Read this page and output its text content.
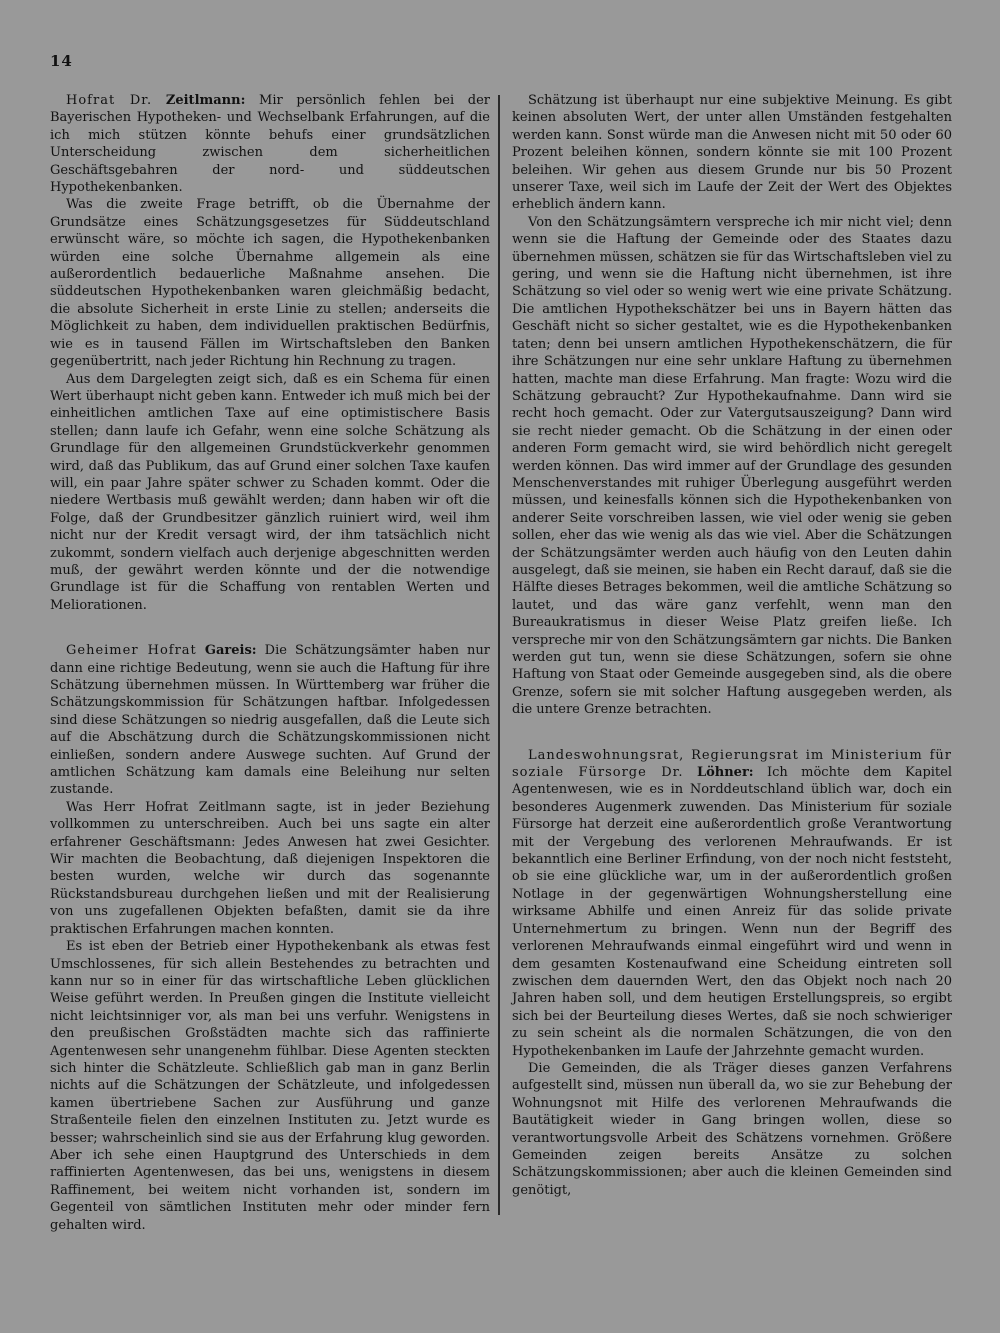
14

Hofrat Dr. Zeitlmann: Mir persönlich fehlen bei der Bayerischen Hypotheken- und Wechselbank Erfahrungen, auf die ich mich stützen könnte behufs einer grundsätzlichen Unterscheidung zwischen dem sicherheitlichen Geschäftsgebahren der nord- und süddeutschen Hypothekenbanken.

Was die zweite Frage betrifft, ob die Übernahme der Grundsätze eines Schätzungsgesetzes für Süddeutschland erwünscht wäre, so möchte ich sagen, die Hypothekenbanken würden eine solche Übernahme allgemein als eine außerordentlich bedauerliche Maßnahme ansehen. Die süddeutschen Hypothekenbanken waren gleichmäßig bedacht, die absolute Sicherheit in erste Linie zu stellen; anderseits die Möglichkeit zu haben, dem individuellen praktischen Bedürfnis, wie es in tausend Fällen im Wirtschaftsleben den Banken gegenübertritt, nach jeder Richtung hin Rechnung zu tragen.

Aus dem Dargelegten zeigt sich, daß es ein Schema für einen Wert überhaupt nicht geben kann. Entweder ich muß mich bei der einheitlichen amtlichen Taxe auf eine optimistischere Basis stellen; dann laufe ich Gefahr, wenn eine solche Schätzung als Grundlage für den allgemeinen Grundstückverkehr genommen wird, daß das Publikum, das auf Grund einer solchen Taxe kaufen will, ein paar Jahre später schwer zu Schaden kommt. Oder die niedere Wertbasis muß gewählt werden; dann haben wir oft die Folge, daß der Grundbesitzer gänzlich ruiniert wird, weil ihm nicht nur der Kredit versagt wird, der ihm tatsächlich nicht zukommt, sondern vielfach auch derjenige abgeschnitten werden muß, der gewährt werden könnte und der die notwendige Grundlage ist für die Schaffung von rentablen Werten und Meliorationen.

Geheimer Hofrat Gareis: Die Schätzungsämter haben nur dann eine richtige Bedeutung, wenn sie auch die Haftung für ihre Schätzung übernehmen müssen. In Württemberg war früher die Schätzungskommission für Schätzungen haftbar. Infolgedessen sind diese Schätzungen so niedrig ausgefallen, daß die Leute sich auf die Abschätzung durch die Schätzungskommissionen nicht einließen, sondern andere Auswege suchten. Auf Grund der amtlichen Schätzung kam damals eine Beleihung nur selten zustande.

Was Herr Hofrat Zeitlmann sagte, ist in jeder Beziehung vollkommen zu unterschreiben. Auch bei uns sagte ein alter erfahrener Geschäftsmann: Jedes Anwesen hat zwei Gesichter. Wir machten die Beobachtung, daß diejenigen Inspektoren die besten wurden, welche wir durch das sogenannte Rückstandsbureau durchgehen ließen und mit der Realisierung von uns zugefallenen Objekten befaßten, damit sie da ihre praktischen Erfahrungen machen konnten.

Es ist eben der Betrieb einer Hypothekenbank als etwas fest Umschlossenes, für sich allein Bestehendes zu betrachten und kann nur so in einer für das wirtschaftliche Leben glücklichen Weise geführt werden. In Preußen gingen die Institute vielleicht nicht leichtsinniger vor, als man bei uns verfuhr. Wenigstens in den preußischen Großstädten machte sich das raffinierte Agentenwesen sehr unangenehm fühlbar. Diese Agenten steckten sich hinter die Schätzleute. Schließlich gab man in ganz Berlin nichts auf die Schätzungen der Schätzleute, und infolgedessen kamen übertriebene Sachen zur Ausführung und ganze Straßenteile fielen den einzelnen Instituten zu. Jetzt wurde es besser; wahrscheinlich sind sie aus der Erfahrung klug geworden. Aber ich sehe einen Hauptgrund des Unterschieds in dem raffinierten Agentenwesen, das bei uns, wenigstens in diesem Raffinement, bei weitem nicht vorhanden ist, sondern im Gegenteil von sämtlichen Instituten mehr oder minder fern gehalten wird.

Schätzung ist überhaupt nur eine subjektive Meinung. Es gibt keinen absoluten Wert, der unter allen Umständen festgehalten werden kann. Sonst würde man die Anwesen nicht mit 50 oder 60 Prozent beleihen können, sondern könnte sie mit 100 Prozent beleihen. Wir gehen aus diesem Grunde nur bis 50 Prozent unserer Taxe, weil sich im Laufe der Zeit der Wert des Objektes erheblich ändern kann.

Von den Schätzungsämtern verspreche ich mir nicht viel; denn wenn sie die Haftung der Gemeinde oder des Staates dazu übernehmen müssen, schätzen sie für das Wirtschaftsleben viel zu gering, und wenn sie die Haftung nicht übernehmen, ist ihre Schätzung so viel oder so wenig wert wie eine private Schätzung. Die amtlichen Hypothekschätzer bei uns in Bayern hätten das Geschäft nicht so sicher gestaltet, wie es die Hypothekenbanken taten; denn bei unsern amtlichen Hypothekenschätzern, die für ihre Schätzungen nur eine sehr unklare Haftung zu übernehmen hatten, machte man diese Erfahrung. Man fragte: Wozu wird die Schätzung gebraucht? Zur Hypothekaufnahme. Dann wird sie recht hoch gemacht. Oder zur Vatergutsauszeigung? Dann wird sie recht nieder gemacht. Ob die Schätzung in der einen oder anderen Form gemacht wird, sie wird behördlich nicht geregelt werden können. Das wird immer auf der Grundlage des gesunden Menschenverstandes mit ruhiger Überlegung ausgeführt werden müssen, und keinesfalls können sich die Hypothekenbanken von anderer Seite vorschreiben lassen, wie viel oder wenig sie geben sollen, eher das wie wenig als das wie viel. Aber die Schätzungen der Schätzungsämter werden auch häufig von den Leuten dahin ausgelegt, daß sie meinen, sie haben ein Recht darauf, daß sie die Hälfte dieses Betrages bekommen, weil die amtliche Schätzung so lautet, und das wäre ganz verfehlt, wenn man den Bureaukratismus in dieser Weise Platz greifen ließe. Ich verspreche mir von den Schätzungsämtern gar nichts. Die Banken werden gut tun, wenn sie diese Schätzungen, sofern sie ohne Haftung von Staat oder Gemeinde ausgegeben sind, als die obere Grenze, sofern sie mit solcher Haftung ausgegeben werden, als die untere Grenze betrachten.

Landeswohnungsrat, Regierungsrat im Ministerium für soziale Fürsorge Dr. Löhner: Ich möchte dem Kapitel Agentenwesen, wie es in Norddeutschland üblich war, doch ein besonderes Augenmerk zuwenden. Das Ministerium für soziale Fürsorge hat derzeit eine außerordentlich große Verantwortung mit der Vergebung des verlorenen Mehraufwands. Er ist bekanntlich eine Berliner Erfindung, von der noch nicht feststeht, ob sie eine glückliche war, um in der außerordentlich großen Notlage in der gegenwärtigen Wohnungsherstellung eine wirksame Abhilfe und einen Anreiz für das solide private Unternehmertum zu bringen. Wenn nun der Begriff des verlorenen Mehraufwands einmal eingeführt wird und wenn in dem gesamten Kostenaufwand eine Scheidung eintreten soll zwischen dem dauernden Wert, den das Objekt noch nach 20 Jahren haben soll, und dem heutigen Erstellungspreis, so ergibt sich bei der Beurteilung dieses Wertes, daß sie noch schwieriger zu sein scheint als die normalen Schätzungen, die von den Hypothekenbanken im Laufe der Jahrzehnte gemacht wurden.

Die Gemeinden, die als Träger dieses ganzen Verfahrens aufgestellt sind, müssen nun überall da, wo sie zur Behebung der Wohnungsnot mit Hilfe des verlorenen Mehraufwands die Bautätigkeit wieder in Gang bringen wollen, diese so verantwortungsvolle Arbeit des Schätzens vornehmen. Größere Gemeinden zeigen bereits Ansätze zu solchen Schätzungskommissionen; aber auch die kleinen Gemeinden sind genötigt,
